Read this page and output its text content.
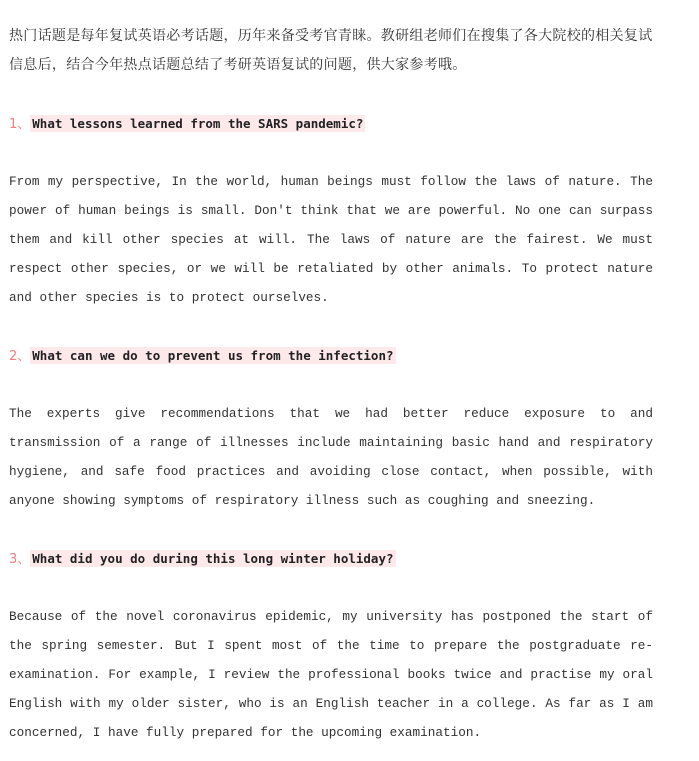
热门话题是每年复试英语必考话题，历年来备受考官青睐。教研组老师们在搜集了各大院校的相关复试信息后，结合今年热点话题总结了考研英语复试的问题，供大家参考哦。

1、 What lessons learned from the SARS pandemic?

From my perspective, In the world, human beings must follow the laws of nature. The power of human beings is small. Don't think that we are powerful. No one can surpass them and kill other species at will. The laws of nature are the fairest. We must respect other species, or we will be retaliated by other animals. To protect nature and other species is to protect ourselves.

2、 What can we do to prevent us from the infection?

The experts give recommendations that we had better reduce exposure to and transmission of a range of illnesses include maintaining basic hand and respiratory hygiene, and safe food practices and avoiding close contact, when possible, with anyone showing symptoms of respiratory illness such as coughing and sneezing.

3、 What did you do during this long winter holiday?

Because of the novel coronavirus epidemic, my university has postponed the start of the spring semester. But I spent most of the time to prepare the postgraduate re-examination. For example, I review the professional books twice and practise my oral English with my older sister, who is an English teacher in a college. As far as I am concerned, I have fully prepared for the upcoming examination.
